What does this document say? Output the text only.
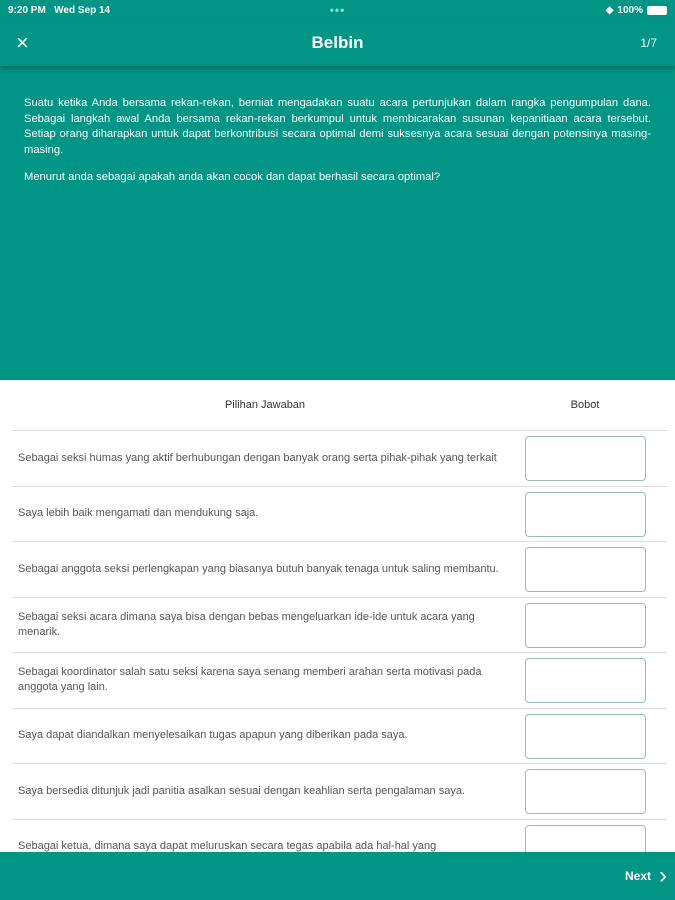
9:20 PM
Wed Sep 14	•••	◆ 100%
×	Belbin	1/7

Suatu ketika Anda bersama rekan-rekan, berniat mengadakan suatu acara pertunjukan dalam rangka pengumpulan dana. Sebagai langkah awal Anda bersama rekan-rekan berkumpul untuk membicarakan susunan kepanitiaan acara tersebut. Setiap orang diharapkan untuk dapat berkontribusi secara optimal demi suksesnya acara sesuai dengan potensinya masing-masing.

Menurut anda sebagai apakah anda akan cocok dan dapat berhasil secara optimal?

Pilihan Jawaban	Bobot
Sebagai seksi humas yang aktif berhubungan dengan banyak orang serta pihak-pihak yang terkait
Saya lebih baik mengamati dan mendukung saja.
Sebagai anggota seksi perlengkapan yang biasanya butuh banyak tenaga untuk saling membantu.
Sebagai seksi acara dimana saya bisa dengan bebas mengeluarkan ide-ide untuk acara yang menarik.
Sebagai koordinator salah satu seksi karena saya senang memberi arahan serta motivasi pada anggota yang lain.
Saya dapat diandalkan menyelesaikan tugas apapun yang diberikan pada saya.
Saya bersedia ditunjuk jadi panitia asalkan sesuai dengan keahlian serta pengalaman saya.
Sebagai ketua, dimana saya dapat meluruskan secara tegas apabila ada hal-hal yang
Next ›
